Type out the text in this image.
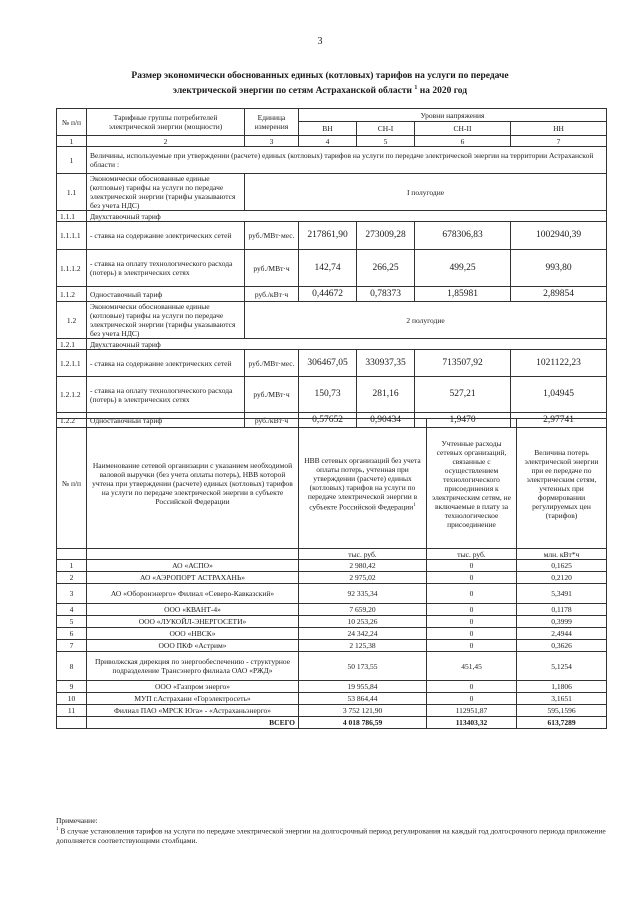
3
Размер экономически обоснованных единых (котловых) тарифов на услуги по передаче
электрической энергии по сетям Астраханской области $^1$ на 2020 год
№ п/п	Тарифные группы потребителей электрической энергии (мощности)	Единица измерения	Уровни напряжения			
			ВН	СН-I	СН-II	НН
1	2	3	4	5	6	7
1	Величины, используемые при утверждении (расчете) единых (котловых) тарифов на услуги по передаче электрической энергии на территории Астраханской области :					
1.1	Экономически обоснованные единые (котловые) тарифы на услуги по передаче электрической энергии (тарифы указываются без учета НДС)	I полугодие				
1.1.1	Двухставочный тариф					
1.1.1.1	- ставка на содержание электрических сетей	руб./МВт·мес.	217861,90	273009,28	678306,83	1002940,39
1.1.1.2	- ставка на оплату технологического расхода (потерь) в электрических сетях	руб./МВт·ч	142,74	266,25	499,25	993,80
1.1.2	Одноставочный тариф	руб./кВт·ч	0,44672	0,78373	1,85981	2,89854
1.2	Экономически обоснованные единые (котловые) тарифы на услуги по передаче электрической энергии (тарифы указываются без учета НДС)	2 полугодие				
1.2.1	Двухставочный тариф					
1.2.1.1	- ставка на содержание электрических сетей	руб./МВт·мес.	306467,05	330937,35	713507,92	1021122,23
1.2.1.2	- ставка на оплату технологического расхода (потерь) в электрических сетях	руб./МВт·ч	150,73	281,16	527,21	1,04945
1.2.2	Одноставочный тариф	руб./кВт·ч	0,57652	0,90434	1,9470	2,97741
№ п/п	Наименование сетевой организации с указанием необходимой валовой выручки (без учета оплаты потерь), НВВ которой учтена при утверждении (расчете) единых (котловых) тарифов на услуги по передаче электрической энергии в субъекте Российской Федерации	НВВ сетевых организаций без учета оплаты потерь, учтенная при утверждении (расчете) единых (котловых) тарифов на услуги по передаче электрической энергии в субъекте Российской Федерации$^1$	Учтенные расходы сетевых организаций, связанные с осуществлением технологического присоединения к электрическим сетям, не включаемые в плату за технологическое присоединение	Величина потерь электрической энергии при ее передаче по электрическим сетям, учтенных при формировании регулируемых цен (тарифов)
		тыс. руб.	тыс. руб.	млн. кВт*ч
1	АО «АСПО»	2 980,42	0	0,1625
2	АО «АЭРОПОРТ АСТРАХАНЬ»	2 975,02	0	0,2120
3	АО «Оборонэнерго» Филиал «Северо-Кавказский»	92 335,34	0	5,3491
4	ООО «КВАНТ-4»	7 659,20	0	0,1178
5	ООО «ЛУКОЙЛ-ЭНЕРГОСЕТИ»	10 253,26	0	0,3999
6	ООО «НВСК»	24 342,24	0	2,4944
7	ООО ПКФ «Астрим»	2 125,38	0	0,3626
8	Приволжская дирекция по энергообеспечению - структурное подразделение Трансэнерго филиала ОАО «РЖД»	50 173,55	451,45	5,1254
9	ООО «Газпром энерго»	19 955,84	0	1,1806
10	МУП г.Астрахани «Горэлектросеть»	53 864,44	0	3,1651
11	Филиал ПАО «МРСК Юга» - «Астраханьэнерго»	3 752 121,90	112951,87	595,1596
	ВСЕГО	4 018 786,59	113403,32	613,7289
Примечание:
$^1$ В случае установления тарифов на услуги по передаче электрической энергии на долгосрочный период регулирования на каждый год долгосрочного периода приложение дополняется соответствующими столбцами.
